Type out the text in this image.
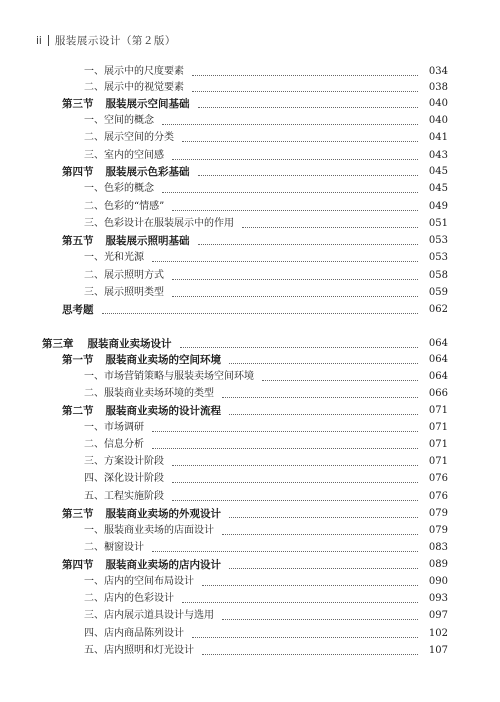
ii 服装展示设计（第２版）
一、展示中的尺度要素	034
二、展示中的视觉要素	038
第三节 服装展示空间基础	040
一、空间的概念	040
二、展示空间的分类	041
三、室内的空间感	043
第四节 服装展示色彩基础	045
一、色彩的概念	045
二、色彩的“情感”	049
三、色彩设计在服装展示中的作用	051
第五节 服装展示照明基础	053
一、光和光源	053
二、展示照明方式	058
三、展示照明类型	059
思考题	062
第三章 服装商业卖场设计	064
第一节 服装商业卖场的空间环境	064
一、市场营销策略与服装卖场空间环境	064
二、服装商业卖场环境的类型	066
第二节 服装商业卖场的设计流程	071
一、市场调研	071
二、信息分析	071
三、方案设计阶段	071
四、深化设计阶段	076
五、工程实施阶段	076
第三节 服装商业卖场的外观设计	079
一、服装商业卖场的店面设计	079
二、橱窗设计	083
第四节 服装商业卖场的店内设计	089
一、店内的空间布局设计	090
二、店内的色彩设计	093
三、店内展示道具设计与选用	097
四、店内商品陈列设计	102
五、店内照明和灯光设计	107
